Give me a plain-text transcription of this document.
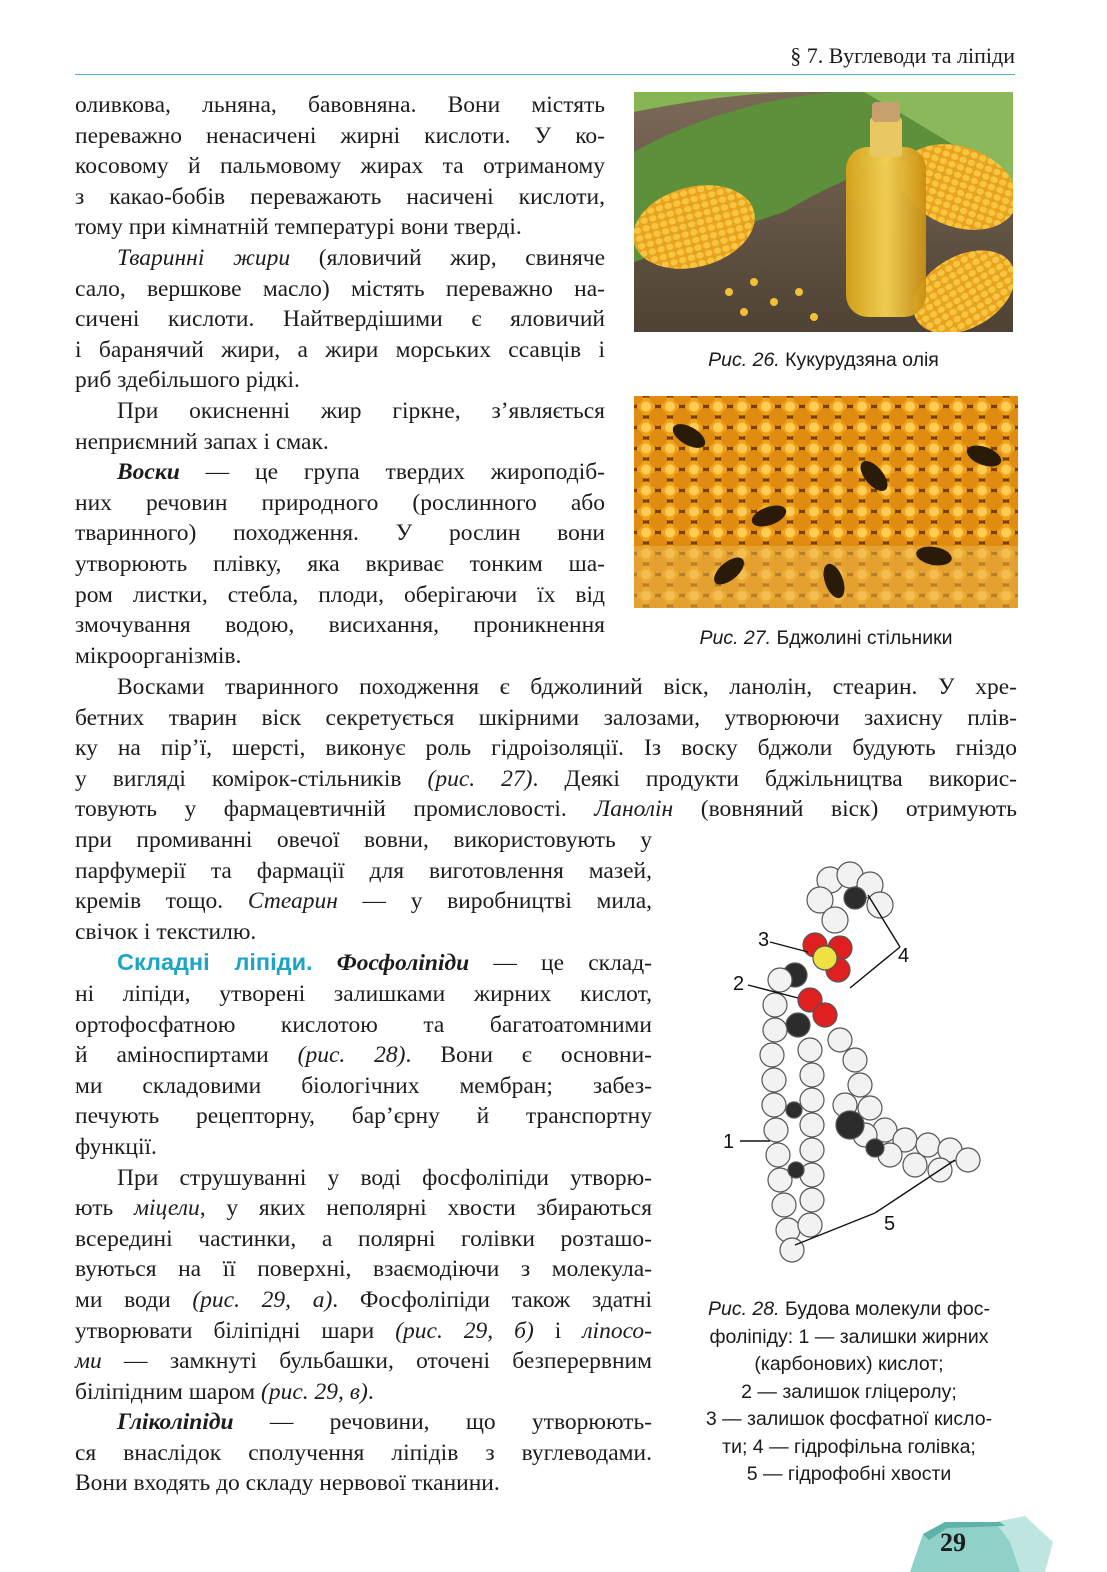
§ 7. Вуглеводи та ліпіди

оливкова, льняна, бавовняна. Вони містять
переважно ненасичені жирні кислоти. У ко-
косовому й пальмовому жирах та отриманому
з какао-бобів переважають насичені кислоти,
тому при кімнатній температурі вони тверді.

Тваринні жири (яловичий жир, свиняче
сало, вершкове масло) містять переважно на-
сичені кислоти. Найтвердішими є яловичий
і баранячий жири, а жири морських ссавців і
риб здебільшого рідкі.

При окисненні жир гіркне, з’являється
неприємний запах і смак.

Воски — це група твердих жироподіб-
них речовин природного (рослинного або
тваринного) походження. У рослин вони
утворюють плівку, яка вкриває тонким ша-
ром листки, стебла, плоди, оберігаючи їх від
змочування водою, висихання, проникнення
мікроорганізмів.

Восками тваринного походження є бджолиний віск, ланолін, стеарин. У хре-
бетних тварин віск секретується шкірними залозами, утворюючи захисну плів-
ку на пір’ї, шерсті, виконує роль гідроізоляції. Із воску бджоли будують гніздо
у вигляді комірок-стільників (рис. 27). Деякі продукти бджільництва викорис-
товують у фармацевтичній промисловості. Ланолін (вовняний віск) отримують
при промиванні овечої вовни, використовують у
парфумерії та фармації для виготовлення мазей,
кремів тощо. Стеарин — у виробництві мила,
свічок і текстилю.
Складні ліпіди. Фосфоліпіди — це склад-
ні ліпіди, утворені залишками жирних кислот,
ортофосфатною кислотою та багатоатомними
й аміноспиртами (рис. 28). Вони є основни-
ми складовими біологічних мембран; забез-
печують рецепторну, бар’єрну й транспортну
функції.
При струшуванні у воді фосфоліпіди утворю-
ють міцели, у яких неполярні хвости збираються
всередині частинки, а полярні голівки розташо-
вуються на її поверхні, взаємодіючи з молекула-
ми води (рис. 29, а). Фосфоліпіди також здатні
утворювати біліпідні шари (рис. 29, б) і ліпосо-
ми — замкнуті бульбашки, оточені безперервним
біліпідним шаром (рис. 29, в).
Гліколіпіди — речовини, що утворюють-
ся внаслідок сполучення ліпідів з вуглеводами.
Вони входять до складу нервової тканини.
Рис. 26. Кукурудзяна олія
Рис. 27. Бджолині стільники
3
2
4
1
5
Рис. 28. Будова молекули фос-
фоліпіду: 1 — залишки жирних
(карбонових) кислот;
2 — залишок гліцеролу;
3 — залишок фосфатної кисло-
ти; 4 — гідрофільна голівка;
5 — гідрофобні хвости
29
